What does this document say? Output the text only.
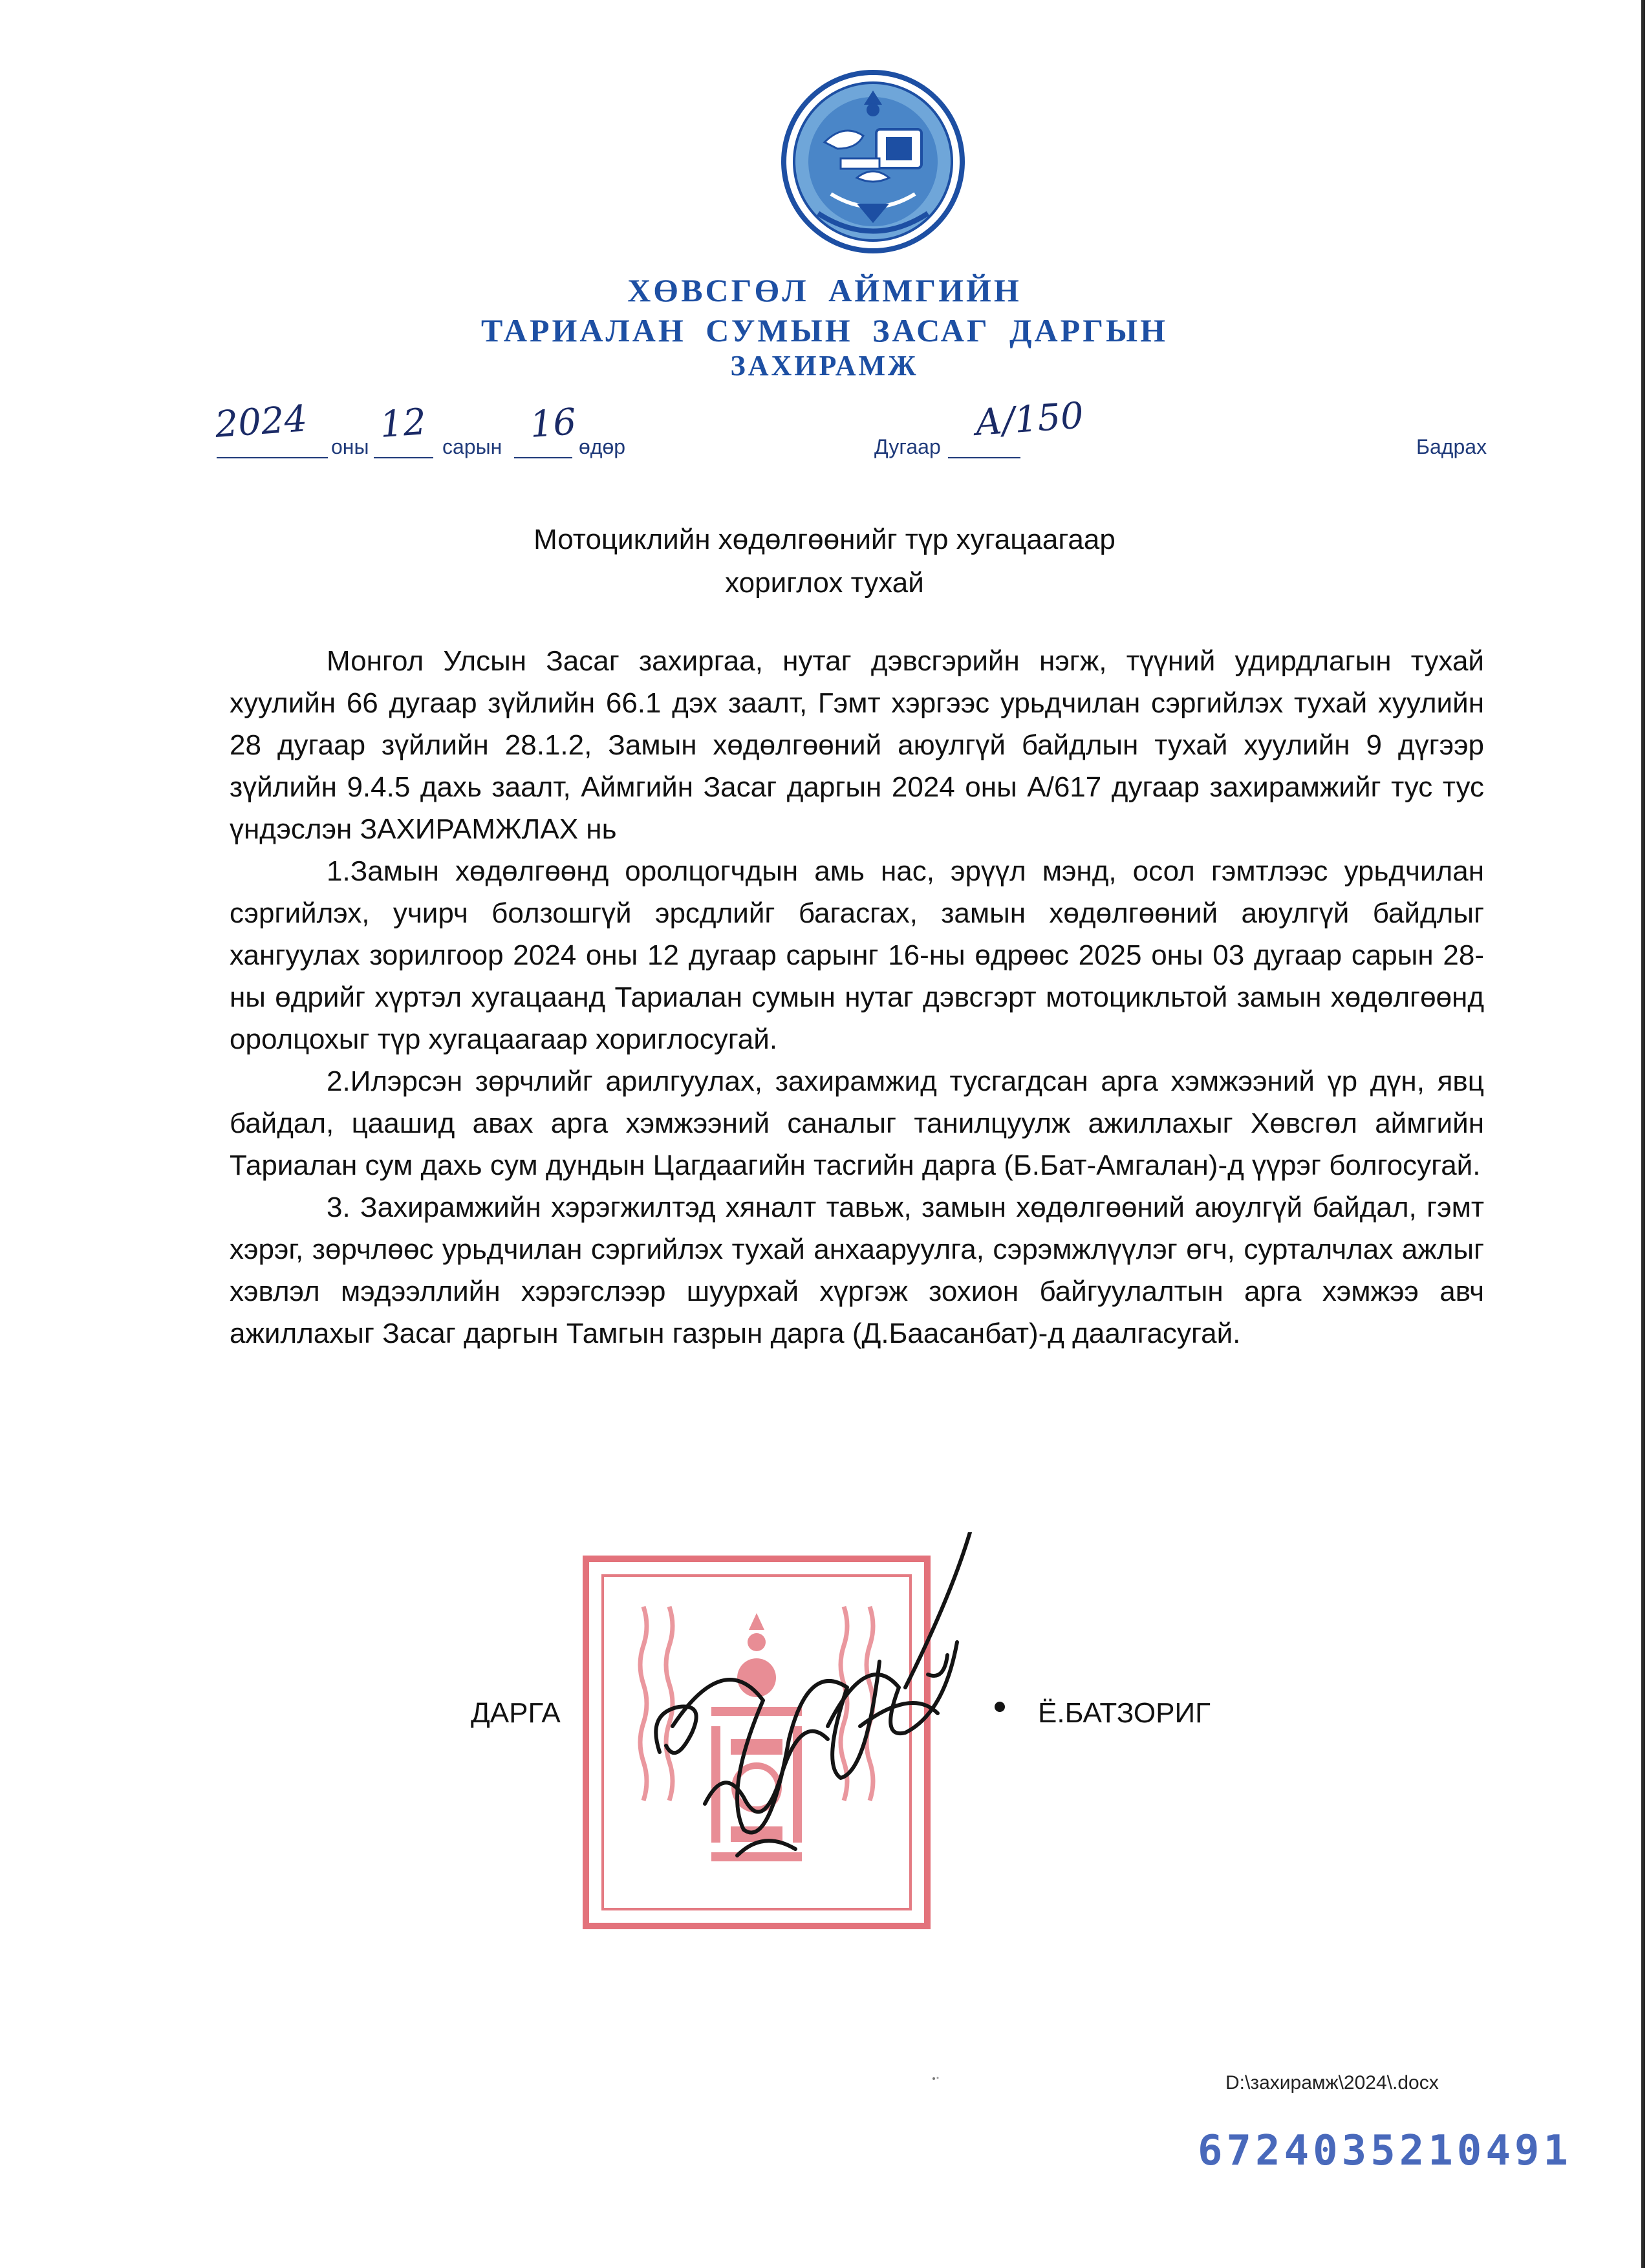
ХӨВСГӨЛ АЙМГИЙН
ТАРИАЛАН СУМЫН ЗАСАГ ДАРГЫН
ЗАХИРАМЖ
2024
оны
12
сарын
16
өдөр	Дугаар
А/150
Бадрах
Мотоциклийн хөдөлгөөнийг түр хугацаагаар
хориглох тухай

Монгол Улсын Засаг захиргаа, нутаг дэвсгэрийн нэгж, түүний удирдлагын тухай хуулийн 66 дугаар зүйлийн 66.1 дэх заалт, Гэмт хэргээс урьдчилан сэргийлэх тухай хуулийн 28 дугаар зүйлийн 28.1.2, Замын хөдөлгөөний аюулгүй байдлын тухай хуулийн 9 дүгээр зүйлийн 9.4.5 дахь заалт, Аймгийн Засаг даргын 2024 оны А/617 дугаар захирамжийг тус тус үндэслэн ЗАХИРАМЖЛАХ нь

1.Замын хөдөлгөөнд оролцогчдын амь нас, эрүүл мэнд, осол гэмтлээс урьдчилан сэргийлэх, учирч болзошгүй эрсдлийг багасгах, замын хөдөлгөөний аюулгүй байдлыг хангуулах зорилгоор 2024 оны 12 дугаар сарынг 16-ны өдрөөс 2025 оны 03 дугаар сарын 28-ны өдрийг хүртэл хугацаанд Тариалан сумын нутаг дэвсгэрт мотоцикльтой замын хөдөлгөөнд оролцохыг түр хугацаагаар хориглосугай.

2.Илэрсэн зөрчлийг арилгуулах, захирамжид тусгагдсан арга хэмжээний үр дүн, явц байдал, цаашид авах арга хэмжээний саналыг танилцуулж ажиллахыг Хөвсгөл аймгийн Тариалан сум дахь сум дундын Цагдаагийн тасгийн дарга (Б.Бат-Амгалан)-д үүрэг болгосугай.

3. Захирамжийн хэрэгжилтэд хяналт тавьж, замын хөдөлгөөний аюулгүй байдал, гэмт хэрэг, зөрчлөөс урьдчилан сэргийлэх тухай анхааруулга, сэрэмжлүүлэг өгч, сурталчлах ажлыг хэвлэл мэдээллийн хэрэгслээр шуурхай хүргэж зохион байгуулалтын арга хэмжээ авч ажиллахыг Засаг даргын Тамгын газрын дарга (Д.Баасанбат)-д даалгасугай.

ДАРГА	Ё.БАТЗОРИГ
D:\захирамж\2024\.docx
6724035210491
